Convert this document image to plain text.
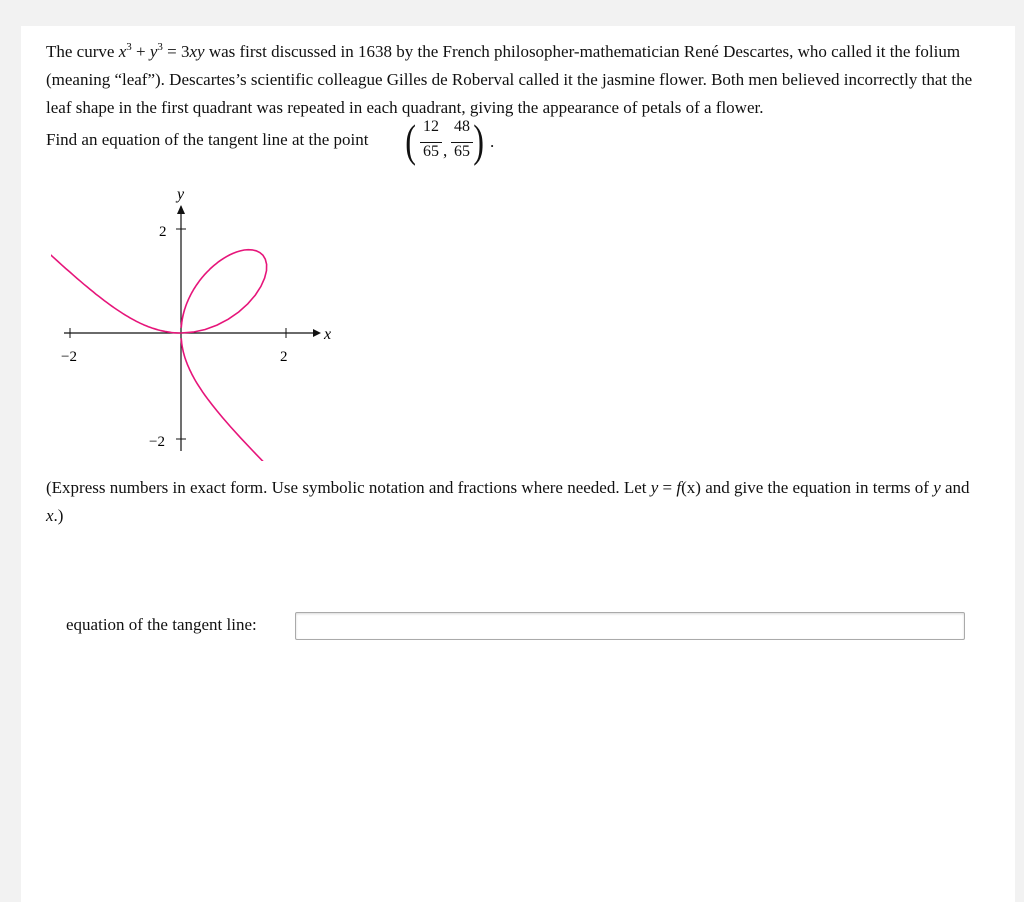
The curve $x^3 + y^3 = 3xy$ was first discussed in 1638 by the French philosopher-mathematician René Descartes, who called it the folium (meaning “leaf”). Descartes’s scientific colleague Gilles de Roberval called it the jasmine flower. Both men believed incorrectly that the leaf shape in the first quadrant was repeated in each quadrant, giving the appearance of petals of a flower.

Find an equation of the tangent line at the point ( 12
65 ,
48
65 ) .
−2	2
2
−2
x
y
(Express numbers in exact form. Use symbolic notation and fractions where needed. Let y = f(x) and give the equation in terms of y and x.)
equation of the tangent line:
